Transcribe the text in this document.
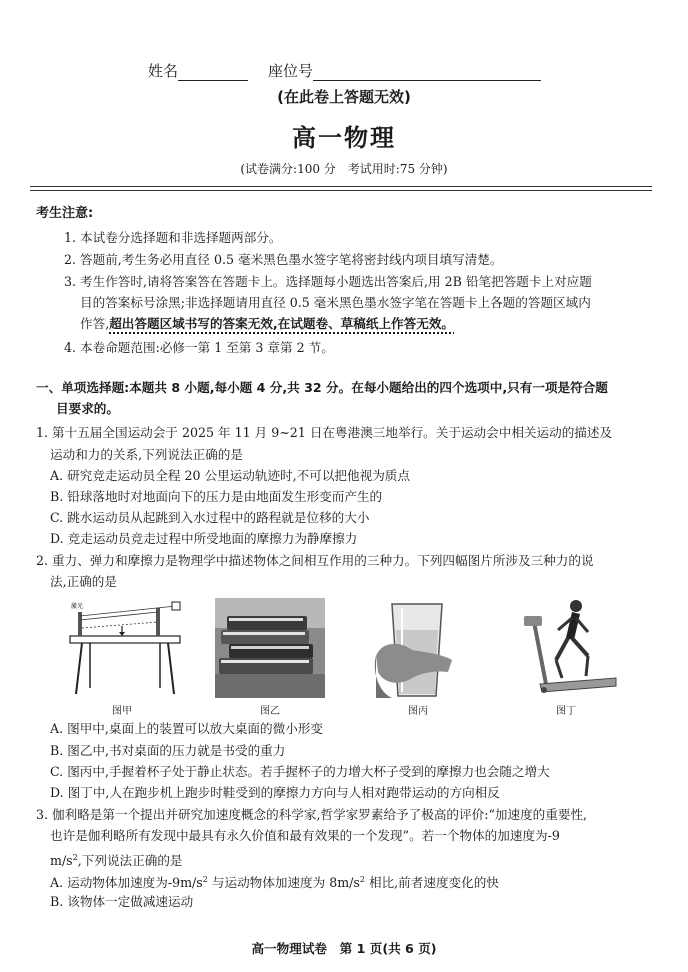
姓名	座位号
(在此卷上答题无效)
高一物理
(试卷满分:100 分　考试用时:75 分钟)
考生注意:
1. 本试卷分选择题和非选择题两部分。
2. 答题前,考生务必用直径 0.5 毫米黑色墨水签字笔将密封线内项目填写清楚。
3. 考生作答时,请将答案答在答题卡上。选择题每小题选出答案后,用 2B 铅笔把答题卡上对应题
目的答案标号涂黑;非选择题请用直径 0.5 毫米黑色墨水签字笔在答题卡上各题的答题区域内
作答,超出答题区域书写的答案无效,在试题卷、草稿纸上作答无效。
4. 本卷命题范围:必修一第 1 至第 3 章第 2 节。
一、单项选择题:本题共 8 小题,每小题 4 分,共 32 分。在每小题给出的四个选项中,只有一项是符合题
目要求的。
1. 第十五届全国运动会于 2025 年 11 月 9~21 日在粤港澳三地举行。关于运动会中相关运动的描述及
运动和力的关系,下列说法正确的是
A. 研究竞走运动员全程 20 公里运动轨迹时,不可以把他视为质点
B. 铅球落地时对地面向下的压力是由地面发生形变而产生的
C. 跳水运动员从起跳到入水过程中的路程就是位移的大小
D. 竞走运动员竞走过程中所受地面的摩擦力为静摩擦力
2. 重力、弹力和摩擦力是物理学中描述物体之间相互作用的三种力。下列四幅图片所涉及三种力的说
法,正确的是
激光
图甲	图乙	图丙	图丁
A. 图甲中,桌面上的装置可以放大桌面的微小形变
B. 图乙中,书对桌面的压力就是书受的重力
C. 图丙中,手握着杯子处于静止状态。若手握杯子的力增大杯子受到的摩擦力也会随之增大
D. 图丁中,人在跑步机上跑步时鞋受到的摩擦力方向与人相对跑带运动的方向相反
3. 伽利略是第一个提出并研究加速度概念的科学家,哲学家罗素给予了极高的评价:“加速度的重要性,
也许是伽利略所有发现中最具有永久价值和最有效果的一个发现”。若一个物体的加速度为-9
$m/s^2$,下列说法正确的是
A. 运动物体加速度为$-9m/s^2$ 与运动物体加速度为 $8m/s^2$ 相比,前者速度变化的快
B. 该物体一定做减速运动
高一物理试卷　第 1 页(共 6 页)
